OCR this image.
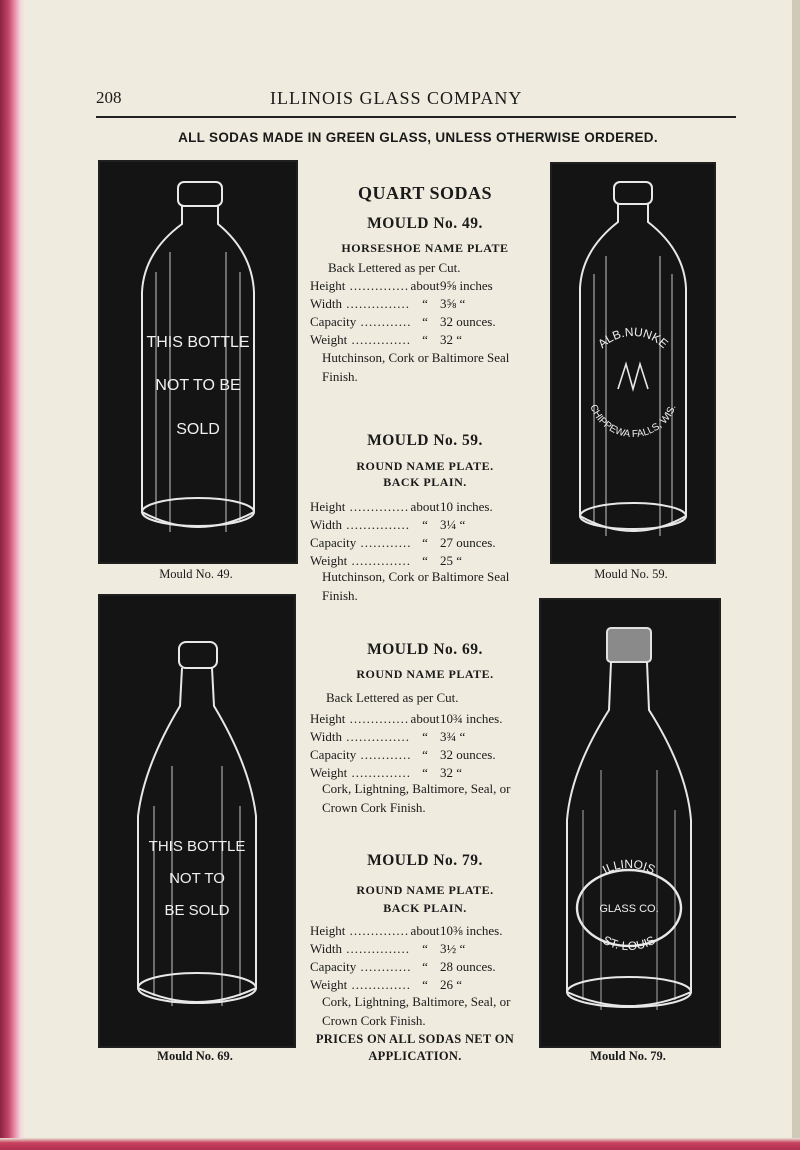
208	ILLINOIS GLASS COMPANY
ALL SODAS MADE IN GREEN GLASS, UNLESS OTHERWISE ORDERED.
THIS BOTTLE
NOT TO BE
SOLD
Mould No. 49.
ALB.NUNKE
CHIPPEWA FALLS, WIS.
Mould No. 59.
THIS BOTTLE
NOT TO
BE SOLD
Mould No. 69.
ILLINOIS
GLASS CO.
ST. LOUIS
Mould No. 79.
QUART SODAS
MOULD No. 49.
HORSESHOE NAME PLATE
Back Lettered as per Cut.
Height .....	about 9⅝ inches
Width .....	“ 3⅝ “
Capacity .....	“ 32 ounces.
Weight .....	“ 32 “
Hutchinson, Cork or Baltimore Seal Finish.
MOULD No. 59.
ROUND NAME PLATE.
BACK PLAIN.
Height .....	about 10 inches.
Width .....	“ 3¼ “
Capacity .....	“ 27 ounces.
Weight .....	“ 25 “
Hutchinson, Cork or Baltimore Seal Finish.
MOULD No. 69.
ROUND NAME PLATE.
Back Lettered as per Cut.
Height .....	about 10¾ inches.
Width .....	“ 3¾ “
Capacity .....	“ 32 ounces.
Weight .....	“ 32 “
Cork, Lightning, Baltimore, Seal, or Crown Cork Finish.
MOULD No. 79.
ROUND NAME PLATE.
BACK PLAIN.
Height .....	about 10⅜ inches.
Width .....	“ 3½ “
Capacity .....	“ 28 ounces.
Weight .....	“ 26 “
Cork, Lightning, Baltimore, Seal, or Crown Cork Finish.
PRICES ON ALL SODAS NET ON APPLICATION.
